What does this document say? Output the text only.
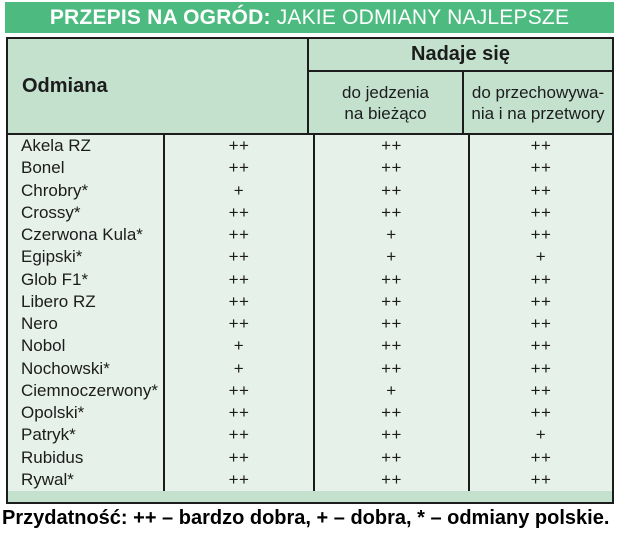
PRZEPIS NA OGRÓD: JAKIE ODMIANY NAJLEPSZE
Odmiana
Nadaje się
do jedzenia
na bieżąco
do przechowywa-
nia i na przetwory
Akela RZ	++	++	++
Bonel	++	++	++
Chrobry*	+	++	++
Crossy*	++	++	++
Czerwona Kula*	++	+	++
Egipski*	++	+	+
Glob F1*	++	++	++
Libero RZ	++	++	++
Nero	++	++	++
Nobol	+	++	++
Nochowski*	+	++	++
Ciemnoczerwony*	++	+	++
Opolski*	++	++	++
Patryk*	++	++	+
Rubidus	++	++	++
Rywal*	++	++	++
Przydatność: ++ – bardzo dobra, + – dobra, * – odmiany polskie.
